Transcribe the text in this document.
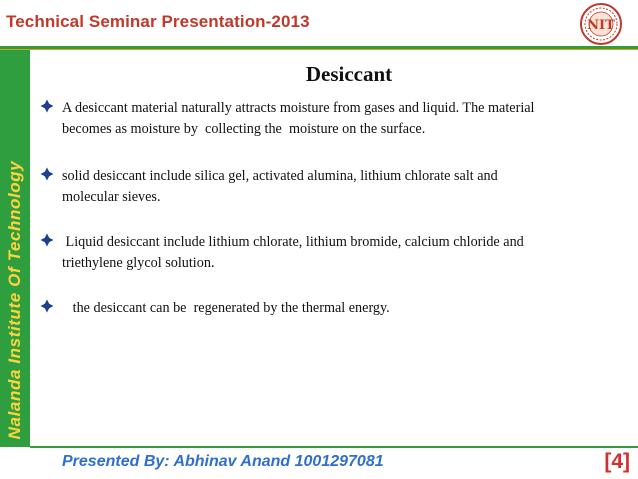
Technical Seminar Presentation-2013	NIT
Nalanda Institute Of Technology
Desiccant
A desiccant material naturally attracts moisture from gases and liquid. The material
becomes as moisture by  collecting the  moisture on the surface.
solid desiccant include silica gel, activated alumina, lithium chlorate salt and
molecular sieves.
Liquid desiccant include lithium chlorate, lithium bromide, calcium chloride and
triethylene glycol solution.
the desiccant can be  regenerated by the thermal energy.
Presented By: Abhinav Anand 1001297081	[4]
